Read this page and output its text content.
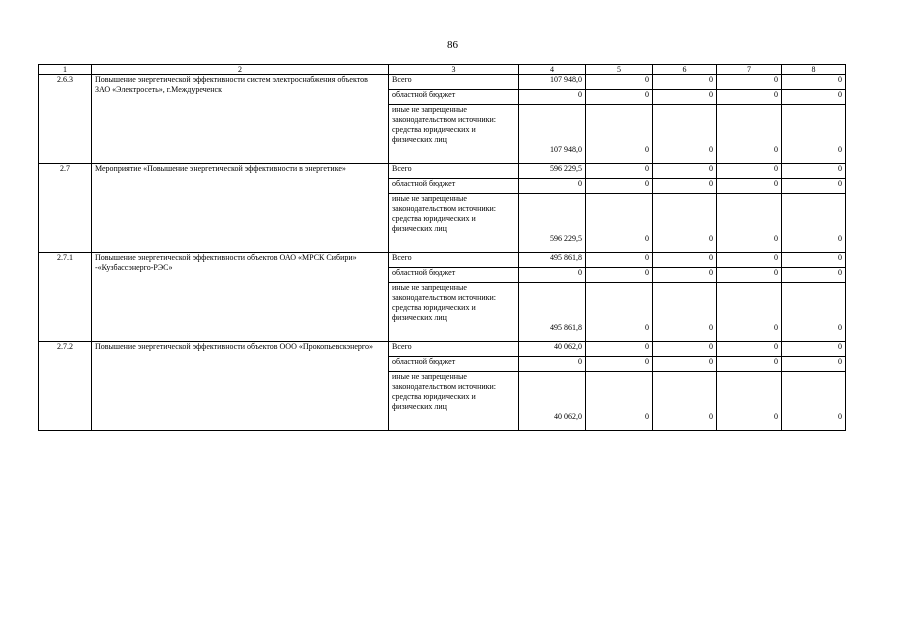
86
1	2	3	4	5	6	7	8
2.6.3	Повышение энергетической эффективности систем электроснабжения объектов ЗАО «Электросеть», г.Междуреченск	Всего	107 948,0	0	0	0	0
		областной бюджет	0	0	0	0	0
		иные не запрещенные законодательством источники: средства юридических и физических лиц	107 948,0	0	0	0	0
2.7	Мероприятие «Повышение энергетической эффективности в энергетике»	Всего	596 229,5	0	0	0	0
		областной бюджет	0	0	0	0	0
		иные не запрещенные законодательством источники: средства юридических и физических лиц	596 229,5	0	0	0	0
2.7.1	Повышение энергетической эффективности объектов ОАО «МРСК Сибири» -«Кузбассэнерго-РЭС»	Всего	495 861,8	0	0	0	0
		областной бюджет	0	0	0	0	0
		иные не запрещенные законодательством источники: средства юридических и физических лиц	495 861,8	0	0	0	0
2.7.2	Повышение энергетической эффективности объектов ООО «Прокопьевскэнерго»	Всего	40 062,0	0	0	0	0
		областной бюджет	0	0	0	0	0
		иные не запрещенные законодательством источники: средства юридических и физических лиц	40 062,0	0	0	0	0
